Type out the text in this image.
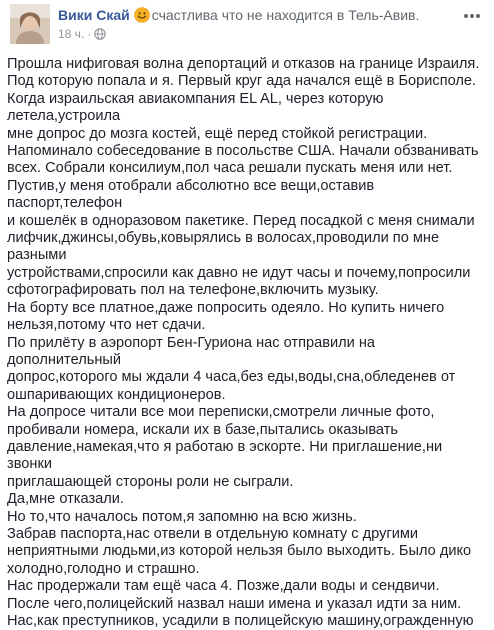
Вики Скай счастлива что не находится в Тель-Авив.
18 ч. ·

Прошла нифиговая волна депортаций и отказов на границе Израиля.
Под которую попала и я. Первый круг ада начался ещё в Борисполе.
Когда израильская авиакомпания EL AL, через которую летела,устроила
мне допрос до мозга костей, ещё перед стойкой регистрации.
Напоминало собеседование в посольстве США. Начали обзванивать
всех. Собрали консилиум,пол часа решали пускать меня или нет.

Пустив,у меня отобрали абсолютно все вещи,оставив паспорт,телефон
и кошелёк в одноразовом пакетике. Перед посадкой с меня снимали
лифчик,джинсы,обувь,ковырялись в волосах,проводили по мне разными
устройствами,спросили как давно не идут часы и почему,попросили
сфотографировать пол на телефоне,включить музыку.

На борту все платное,даже попросить одеяло. Но купить ничего
нельзя,потому что нет сдачи.

По прилёту в аэропорт Бен-Гуриона нас отправили на дополнительный
допрос,которого мы ждали 4 часа,без еды,воды,сна,обледенев от
ошпаривающих кондиционеров.

На допросе читали все мои переписки,смотрели личные фото,
пробивали номера, искали их в базе,пытались оказывать
давление,намекая,что я работаю в эскорте. Ни приглашение,ни звонки
приглашающей стороны роли не сыграли.

Да,мне отказали.

Но то,что началось потом,я запомню на всю жизнь.

Забрав паспорта,нас отвели в отдельную комнату с другими
неприятными людьми,из которой нельзя было выходить. Было дико
холодно,голодно и страшно.

Нас продержали там ещё часа 4. Позже,дали воды и сендвичи.

После чего,полицейский назвал наши имена и указал идти за ним.

Нас,как преступников, усадили в полицейскую машину,огражденную
